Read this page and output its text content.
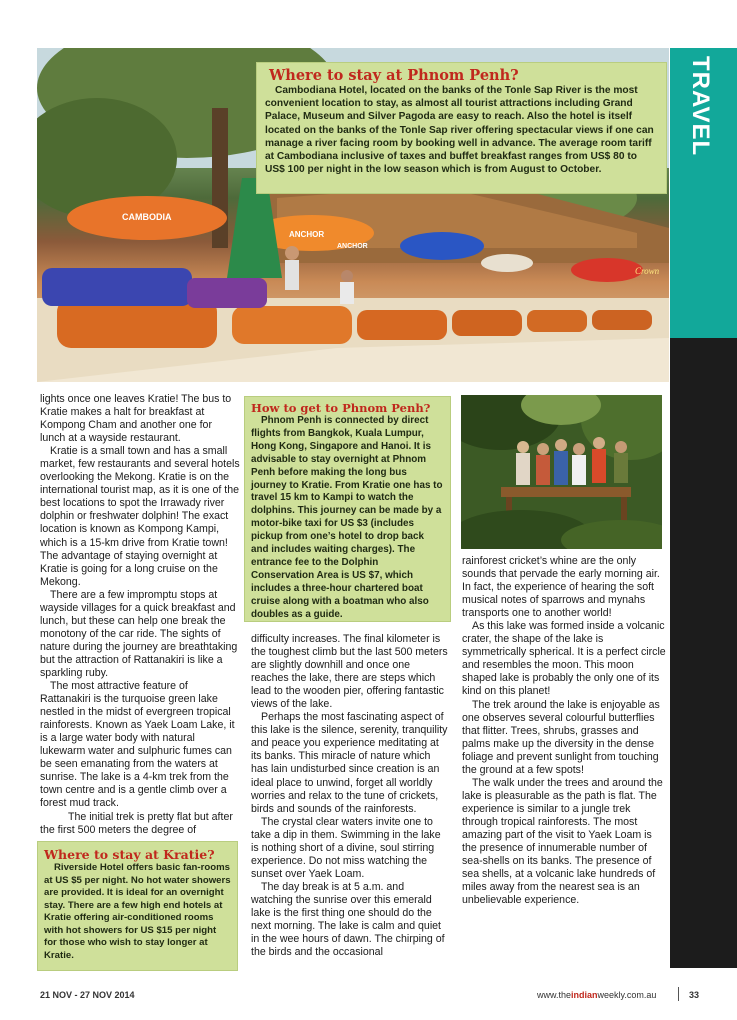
TRAVEL
CAMBODIA
ANCHOR
ANCHOR
Crown
Where to stay at Phnom Penh?

Cambodiana Hotel, located on the banks of the Tonle Sap River is the most convenient location to stay, as almost all tourist attractions including Grand Palace, Museum and Silver Pagoda are easy to reach. Also the hotel is itself located on the banks of the Tonle Sap river offering spectacular views if one can manage a river facing room by booking well in advance. The average room tariff at Cambodiana inclusive of taxes and buffet breakfast ranges from US$ 80 to US$ 100 per night in the low season which is from August to October.

lights once one leaves Kratie! The bus to Kratie makes a halt for breakfast at Kompong Cham and another one for lunch at a wayside restaurant.

Kratie is a small town and has a small market, few restaurants and several hotels overlooking the Mekong. Kratie is on the international tourist map, as it is one of the best locations to spot the Irrawady river dolphin or freshwater dolphin! The exact location is known as Kompong Kampi, which is a 15-km drive from Kratie town! The advantage of staying overnight at Kratie is going for a long cruise on the Mekong.

There are a few impromptu stops at wayside villages for a quick breakfast and lunch, but these can help one break the monotony of the car ride. The sights of nature during the journey are breathtaking but the attraction of Rattanakiri is like a sparkling ruby.

The most attractive feature of Rattanakiri is the turquoise green lake nestled in the midst of evergreen tropical rainforests. Known as Yaek Loam Lake, it is a large water body with natural lukewarm water and sulphuric fumes can be seen emanating from the waters at sunrise. The lake is a 4-km trek from the town centre and is a gentle climb over a forest mud track.

The initial trek is pretty flat but after the first 500 meters the degree of

Where to stay at Kratie?

Riverside Hotel offers basic fan-rooms at US $5 per night. No hot water showers are provided. It is ideal for an overnight stay. There are a few high end hotels at Kratie offering air-conditioned rooms with hot showers for US $15 per night for those who wish to stay longer at Kratie.

How to get to Phnom Penh?

Phnom Penh is connected by direct flights from Bangkok, Kuala Lumpur, Hong Kong, Singapore and Hanoi. It is advisable to stay overnight at Phnom Penh before making the long bus journey to Kratie. From Kratie one has to travel 15 km to Kampi to watch the dolphins. This journey can be made by a motor-bike taxi for US $3 (includes pickup from one’s hotel to drop back and includes waiting charges). The entrance fee to the Dolphin Conservation Area is US $7, which includes a three-hour chartered boat cruise along with a boatman who also doubles as a guide.

difficulty increases. The final kilometer is the toughest climb but the last 500 meters are slightly downhill and once one reaches the lake, there are steps which lead to the wooden pier, offering fantastic views of the lake.

Perhaps the most fascinating aspect of this lake is the silence, serenity, tranquility and peace you experience meditating at its banks. This miracle of nature which has lain undisturbed since creation is an ideal place to unwind, forget all worldly worries and relax to the tune of crickets, birds and sounds of the rainforests.

The crystal clear waters invite one to take a dip in them. Swimming in the lake is nothing short of a divine, soul stirring experience. Do not miss watching the sunset over Yaek Loam.

The day break is at 5 a.m. and watching the sunrise over this emerald lake is the first thing one should do the next morning. The lake is calm and quiet in the wee hours of dawn. The chirping of the birds and the occasional

rainforest cricket’s whine are the only sounds that pervade the early morning air. In fact, the experience of hearing the soft musical notes of sparrows and mynahs transports one to another world!

As this lake was formed inside a volcanic crater, the shape of the lake is symmetrically spherical. It is a perfect circle and resembles the moon. This moon shaped lake is probably the only one of its kind on this planet!

The trek around the lake is enjoyable as one observes several colourful butterflies that flitter. Trees, shrubs, grasses and palms make up the diversity in the dense foliage and prevent sunlight from touching the ground at a few spots!

The walk under the trees and around the lake is pleasurable as the path is flat. The experience is similar to a jungle trek through tropical rainforests. The most amazing part of the visit to Yaek Loam is the presence of innumerable number of sea-shells on its banks. The presence of sea shells, at a volcanic lake hundreds of miles away from the nearest sea is an unbelievable experience.

21 NOV - 27 NOV 2014	www.theindianweekly.com.au	33
